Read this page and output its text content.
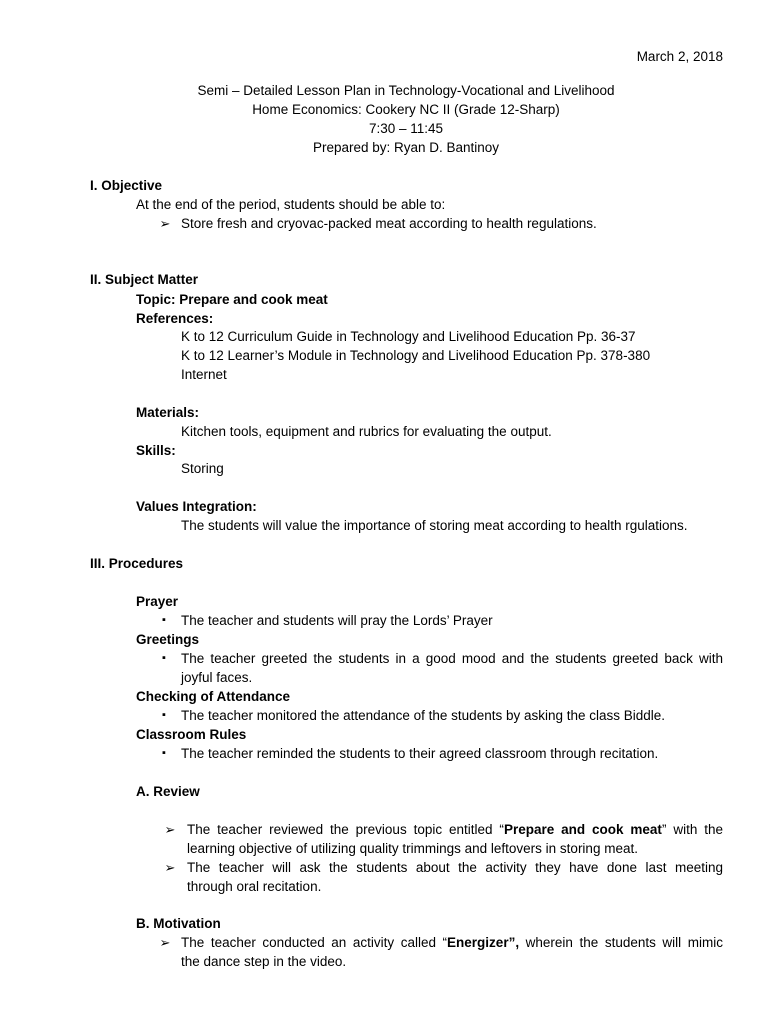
March 2, 2018
Semi – Detailed Lesson Plan in Technology-Vocational and Livelihood
Home Economics: Cookery NC II (Grade 12-Sharp)
7:30 – 11:45
Prepared by: Ryan D. Bantinoy
I. Objective
At the end of the period, students should be able to:
➢ Store fresh and cryovac-packed meat according to health regulations.
II. Subject Matter
Topic: Prepare and cook meat
References:
K to 12 Curriculum Guide in Technology and Livelihood Education Pp. 36-37
K to 12 Learner’s Module in Technology and Livelihood Education Pp. 378-380
Internet
Materials:
Kitchen tools, equipment and rubrics for evaluating the output.
Skills:
Storing
Values Integration:
The students will value the importance of storing meat according to health rgulations.
III. Procedures
Prayer
▪	The teacher and students will pray the Lords’ Prayer
Greetings
▪	The teacher greeted the students in a good mood and the students greeted back with
joyful faces.
Checking of Attendance
▪	The teacher monitored the attendance of the students by asking the class Biddle.
Classroom Rules
▪	The teacher reminded the students to their agreed classroom through recitation.
A. Review
➢ The teacher reviewed the previous topic entitled “Prepare and cook meat” with the
learning objective of utilizing quality trimmings and leftovers in storing meat.
➢ The teacher will ask the students about the activity they have done last meeting
through oral recitation.
B. Motivation
➢ The teacher conducted an activity called “Energizer”, wherein the students will mimic
the dance step in the video.
